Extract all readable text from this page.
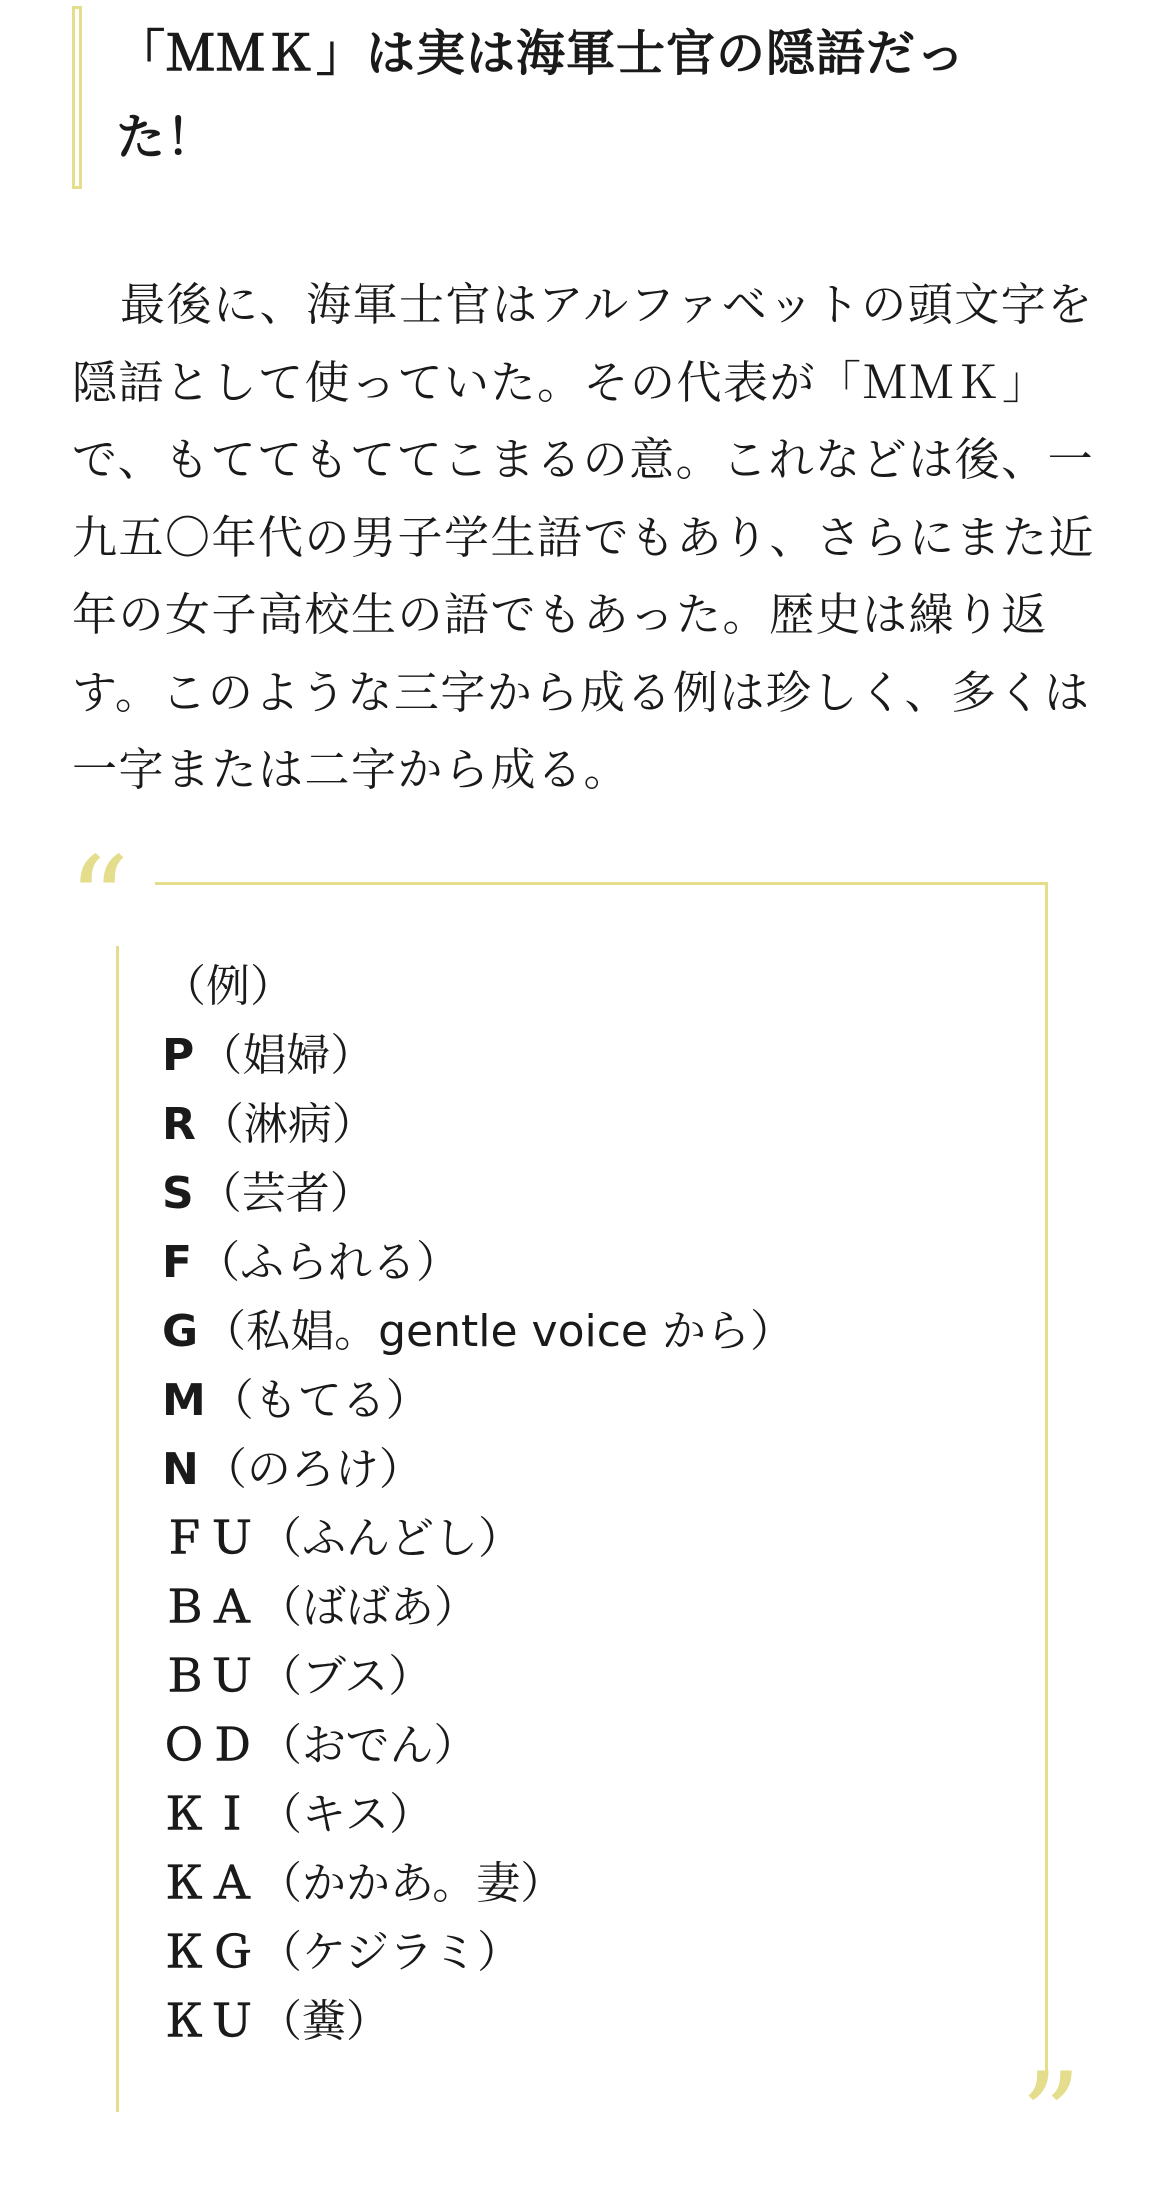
「ＭＭＫ」は実は海軍士官の隠語だった！

最後に、海軍士官はアルファベットの頭文字を隠語として使っていた。その代表が「ＭＭＫ」で、もててもててこまるの意。これなどは後、一九五〇年代の男子学生語でもあり、さらにまた近年の女子高校生の語でもあった。歴史は繰り返す。このような三字から成る例は珍しく、多くは一字または二字から成る。

“
”
（例）
P（娼婦）
R（淋病）
S（芸者）
F（ふられる）
G（私娼。gentle voice から）
M（もてる）
N（のろけ）
ＦＵ（ふんどし）
ＢＡ（ばばあ）
ＢＵ（ブス）
ＯＤ（おでん）
ＫＩ（キス）
ＫＡ（かかあ。妻）
ＫＧ（ケジラミ）
ＫＵ（糞）
